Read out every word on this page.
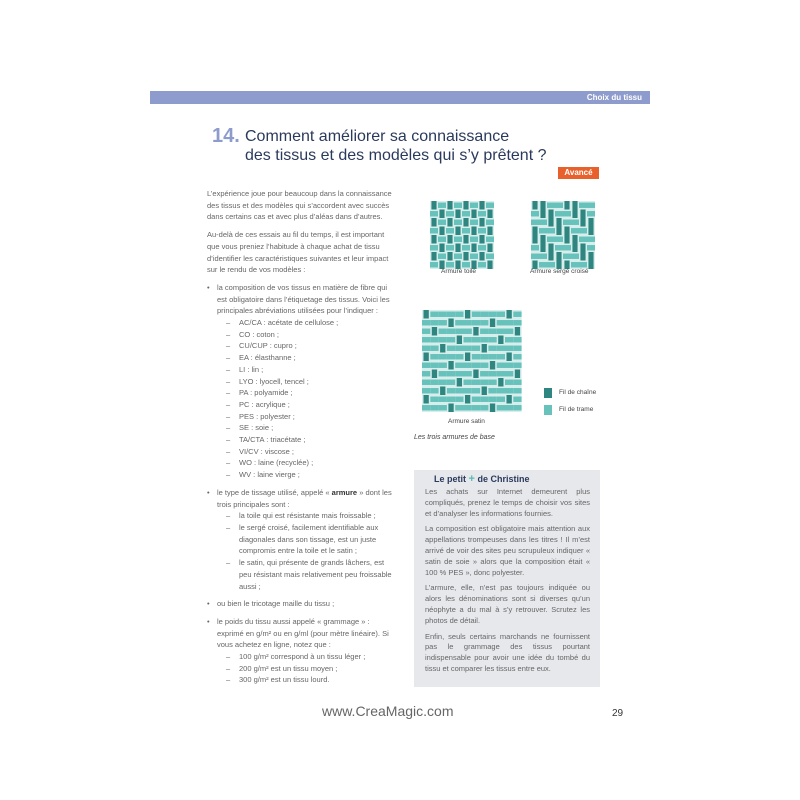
Choix du tissu
14. Comment améliorer sa connaissance
des tissus et des modèles qui s’y prêtent ?
Avancé

L’expérience joue pour beaucoup dans la connaissance des tissus et des modèles qui s’accordent avec succès dans certains cas et avec plus d’aléas dans d’autres.

Au-delà de ces essais au fil du temps, il est important que vous preniez l’habitude à chaque achat de tissu d’identifier les caractéristiques suivantes et leur impact sur le rendu de vos modèles :

• la composition de vos tissus en matière de fibre qui est obligatoire dans l’étiquetage des tissus. Voici les principales abréviations utilisées pour l’indiquer :
– AC/CA : acétate de cellulose ;
– CO : coton ;
– CU/CUP : cupro ;
– EA : élasthanne ;
– LI : lin ;
– LYO : lyocell, tencel ;
– PA : polyamide ;
– PC : acrylique ;
– PES : polyester ;
– SE : soie ;
– TA/CTA : triacétate ;
– VI/CV : viscose ;
– WO : laine (recyclée) ;
– WV : laine vierge ;
• le type de tissage utilisé, appelé « armure » dont les trois principales sont :
– la toile qui est résistante mais froissable ;
– le sergé croisé, facilement identifiable aux diagonales dans son tissage, est un juste compromis entre la toile et le satin ;
– le satin, qui présente de grands lâchers, est peu résistant mais relativement peu froissable aussi ;
• ou bien le tricotage maille du tissu ;
• le poids du tissu aussi appelé « grammage » : exprimé en g/m² ou en g/ml (pour mètre linéaire). Si vous achetez en ligne, notez que :
– 100 g/m² correspond à un tissu léger ;
– 200 g/m² est un tissu moyen ;
– 300 g/m² est un tissu lourd.
Armure toile	Armure sergé croisé
Armure satin
Fil de chaîne
Fil de trame
Les trois armures de base
Le petit + de Christine

Les achats sur Internet demeurent plus compliqués, prenez le temps de choisir vos sites et d’analyser les informations fournies.

La composition est obligatoire mais attention aux appellations trompeuses dans les titres ! Il m’est arrivé de voir des sites peu scrupuleux indiquer « satin de soie » alors que la composition était « 100 % PES », donc polyester.

L’armure, elle, n’est pas toujours indiquée ou alors les dénominations sont si diverses qu’un néophyte a du mal à s’y retrouver. Scrutez les photos de détail.

Enfin, seuls certains marchands ne fournissent pas le grammage des tissus pourtant indispensable pour avoir une idée du tombé du tissu et comparer les tissus entre eux.

www.CreaMagic.com	29
